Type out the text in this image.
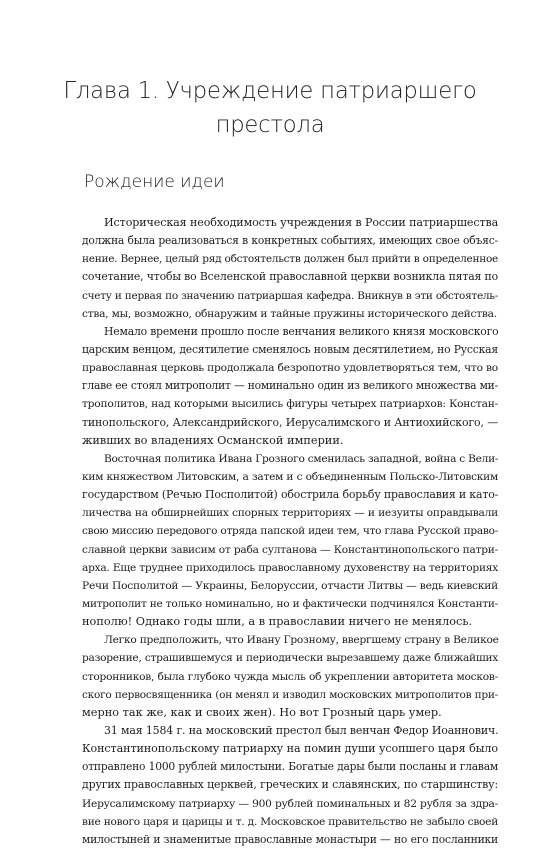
Глава 1. Учреждение патриаршего
престола
Рождение идеи
Историческая необходимость учреждения в России патриаршества
должна была реализоваться в конкретных событиях, имеющих свое объяс-
нение. Вернее, целый ряд обстоятельств должен был прийти в определенное
сочетание, чтобы во Вселенской православной церкви возникла пятая по
счету и первая по значению патриаршая кафедра. Вникнув в эти обстоятель-
ства, мы, возможно, обнаружим и тайные пружины исторического действа.
Немало времени прошло после венчания великого князя московского
царским венцом, десятилетие сменялось новым десятилетием, но Русская
православная церковь продолжала безропотно удовлетворяться тем, что во
главе ее стоял митрополит — номинально один из великого множества ми-
трополитов, над которыми высились фигуры четырех патриархов: Констан-
тинопольского, Александрийского, Иерусалимского и Антиохийского, —
живших во владениях Османской империи.
Восточная политика Ивана Грозного сменилась западной, война с Вели-
ким княжеством Литовским, а затем и с объединенным Польско-Литовским
государством (Речью Посполитой) обострила борьбу православия и като-
личества на обширнейших спорных территориях — и иезуиты оправдывали
свою миссию передового отряда папской идеи тем, что глава Русской право-
славной церкви зависим от раба султанова — Константинопольского патри-
арха. Еще труднее приходилось православному духовенству на территориях
Речи Посполитой — Украины, Белоруссии, отчасти Литвы — ведь киевский
митрополит не только номинально, но и фактически подчинялся Константи-
нополю! Однако годы шли, а в православии ничего не менялось.
Легко предположить, что Ивану Грозному, ввергшему страну в Великое
разорение, страшившемуся и периодически вырезавшему даже ближайших
сторонников, была глубоко чужда мысль об укреплении авторитета москов-
ского первосвященника (он менял и изводил московских митрополитов при-
мерно так же, как и своих жен). Но вот Грозный царь умер.
31 мая 1584 г. на московский престол был венчан Федор Иоаннович.
Константинопольскому патриарху на помин души усопшего царя было
отправлено 1000 рублей милостыни. Богатые дары были посланы и главам
других православных церквей, греческих и славянских, по старшинству:
Иерусалимскому патриарху — 900 рублей поминальных и 82 рубля за здра-
вие нового царя и царицы и т. д. Московское правительство не забыло своей
милостыней и знаменитые православные монастыри — но его посланники
